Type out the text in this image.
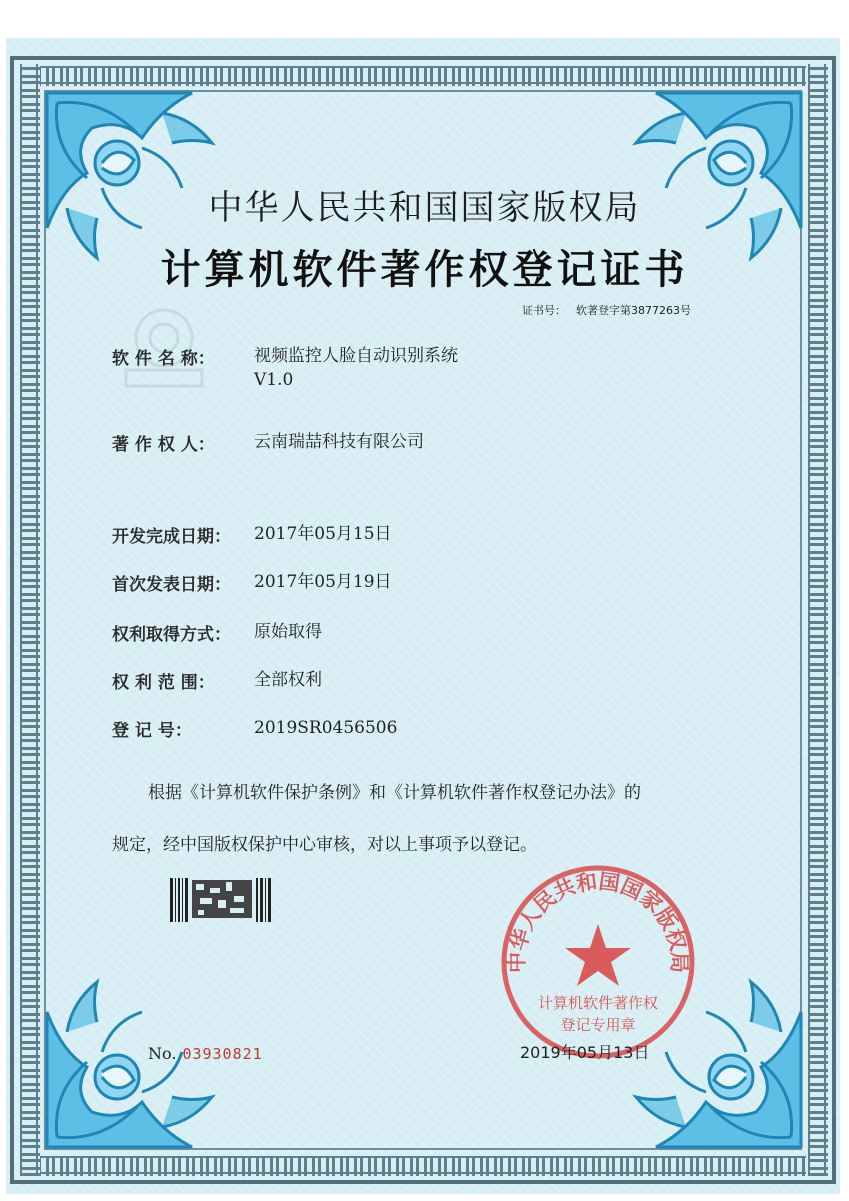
中华人民共和国国家版权局
计算机软件著作权登记证书
证书号： 软著登字第3877263号
软 件 名 称： 视频监控人脸自动识别系统
V1.0
著 作 权 人： 云南瑞喆科技有限公司
开发完成日期： 2017年05月15日
首次发表日期： 2017年05月19日
权利取得方式： 原始取得
权 利 范 围： 全部权利
登 记 号：	2019SR0456506
根据《计算机软件保护条例》和《计算机软件著作权登记办法》的
规定，经中国版权保护中心审核，对以上事项予以登记。
中华人民共和国国家版权局
计算机软件著作权
登记专用章
No. 03930821	2019年05月13日
